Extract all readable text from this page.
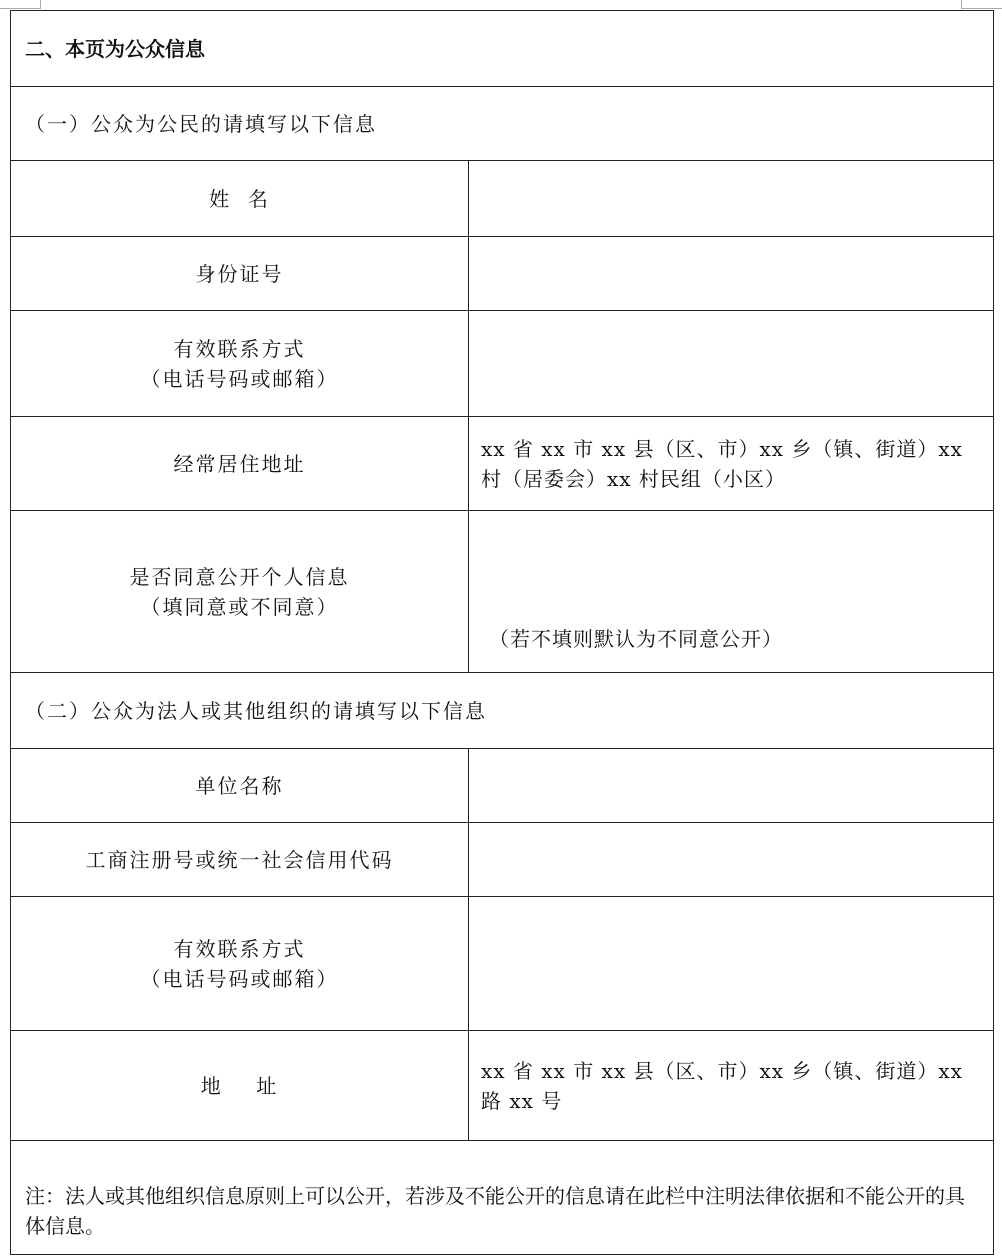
二、本页为公众信息	
（一）公众为公民的请填写以下信息	
姓  名	
身份证号	

有效联系方式
（电话号码或邮箱）	

经常居住地址	xx 省 xx 市 xx 县（区、市）xx 乡（镇、街道）xx 村（居委会）xx 村民组（小区）

是否同意公开个人信息
（填同意或不同意）	（若不填则默认为不同意公开）
（二）公众为法人或其他组织的请填写以下信息	
单位名称	
工商注册号或统一社会信用代码	

有效联系方式
（电话号码或邮箱）	

地    址	xx 省 xx 市 xx 县（区、市）xx 乡（镇、街道）xx 路 xx 号

注：法人或其他组织信息原则上可以公开，若涉及不能公开的信息请在此栏中注明法律依据和不能公开的具体信息。	
